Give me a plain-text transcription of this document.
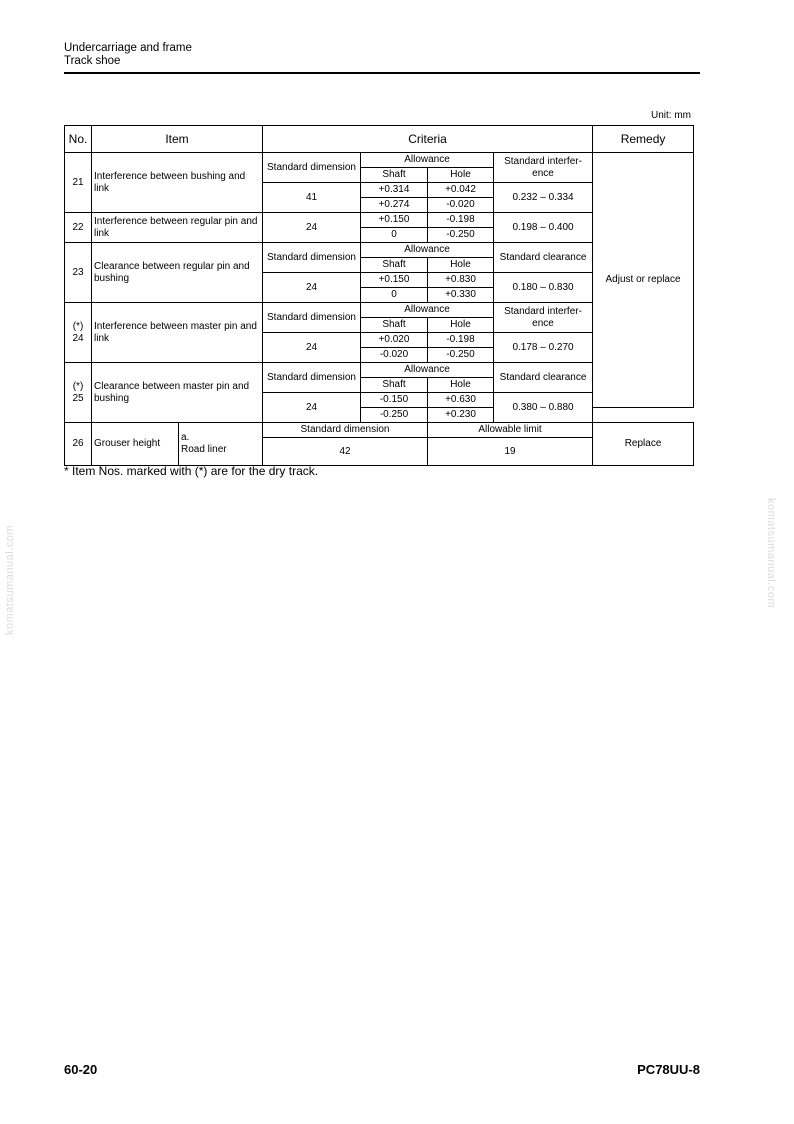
Undercarriage and frame
Track shoe
Unit: mm
No.	Item		Criteria				Remedy
21	Interference between bushing and link		Standard dimension	Allowance		Standard interfer-ence	Adjust or replace
				Shaft	Hole		
			41	+0.314	+0.042	0.232 – 0.334	
				+0.274	-0.020		
22	Interference between regular pin and link		24	+0.150	-0.198	0.198 – 0.400	
				0	-0.250		
23	Clearance between regular pin and bushing		Standard dimension	Allowance		Standard clearance	
				Shaft	Hole		
			24	+0.150	+0.830	0.180 – 0.830	
				0	+0.330		
(*)
24	Interference between master pin and link		Standard dimension	Allowance		Standard interfer-ence	
				Shaft	Hole		
			24	+0.020	-0.198	0.178 – 0.270	
				-0.020	-0.250		
(*)
25	Clearance between master pin and bushing		Standard dimension	Allowance		Standard clearance	
				Shaft	Hole		
			24	-0.150	+0.630	0.380 – 0.880	
				-0.250	+0.230		
26	Grouser height	a.
Road liner	Standard dimension		Allowable limit		Replace
			42		19		
* Item Nos. marked with (*) are for the dry track.
komatsumanual.com	komatsumanual.com
60-20	PC78UU-8
